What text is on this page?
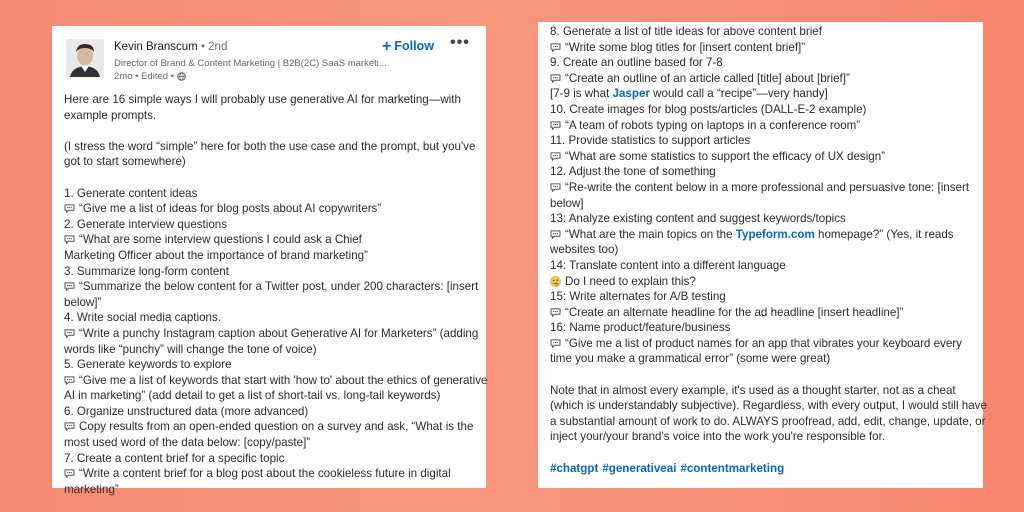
Kevin Branscum • 2nd
Director of Brand & Content Marketing | B2B(2C) SaaS marketi...
2mo • Edited •
+ Follow •••
Here are 16 simple ways I will probably use generative AI for marketing—with
example prompts.
(I stress the word “simple” here for both the use case and the prompt, but you've
got to start somewhere)
1. Generate content ideas
“Give me a list of ideas for blog posts about AI copywriters”
2. Generate interview questions
“What are some interview questions I could ask a Chief
Marketing Officer about the importance of brand marketing”
3. Summarize long-form content
“Summarize the below content for a Twitter post, under 200 characters: [insert
below]”
4. Write social media captions.
“Write a punchy Instagram caption about Generative AI for Marketers” (adding
words like “punchy” will change the tone of voice)
5. Generate keywords to explore
“Give me a list of keywords that start with 'how to' about the ethics of generative
AI in marketing” (add detail to get a list of short-tail vs. long-tail keywords)
6. Organize unstructured data (more advanced)
Copy results from an open-ended question on a survey and ask, “What is the
most used word of the data below: [copy/paste]”
7. Create a content brief for a specific topic
“Write a content brief for a blog post about the cookieless future in digital
marketing”
8. Generate a list of title ideas for above content brief
“Write some blog titles for [insert content brief]”
9. Create an outline based for 7-8
“Create an outline of an article called [title] about [brief]”
[7-9 is what Jasper would call a “recipe”—very handy]
10. Create images for blog posts/articles (DALL-E-2 example)
“A team of robots typing on laptops in a conference room”
11. Provide statistics to support articles
“What are some statistics to support the efficacy of UX design”
12. Adjust the tone of something
“Re-write the content below in a more professional and persuasive tone: [insert
below]
13: Analyze existing content and suggest keywords/topics
“What are the main topics on the Typeform.com homepage?” (Yes, it reads
websites too)
14: Translate content into a different language
Do I need to explain this?
15: Write alternates for A/B testing
“Create an alternate headline for the ad headline [insert headline]”
16: Name product/feature/business
“Give me a list of product names for an app that vibrates your keyboard every
time you make a grammatical error” (some were great)
Note that in almost every example, it's used as a thought starter, not as a cheat
(which is understandably subjective). Regardless, with every output, I would still have
a substantial amount of work to do. ALWAYS proofread, add, edit, change, update, or
inject your/your brand's voice into the work you're responsible for.
#chatgpt #generativeai #contentmarketing
